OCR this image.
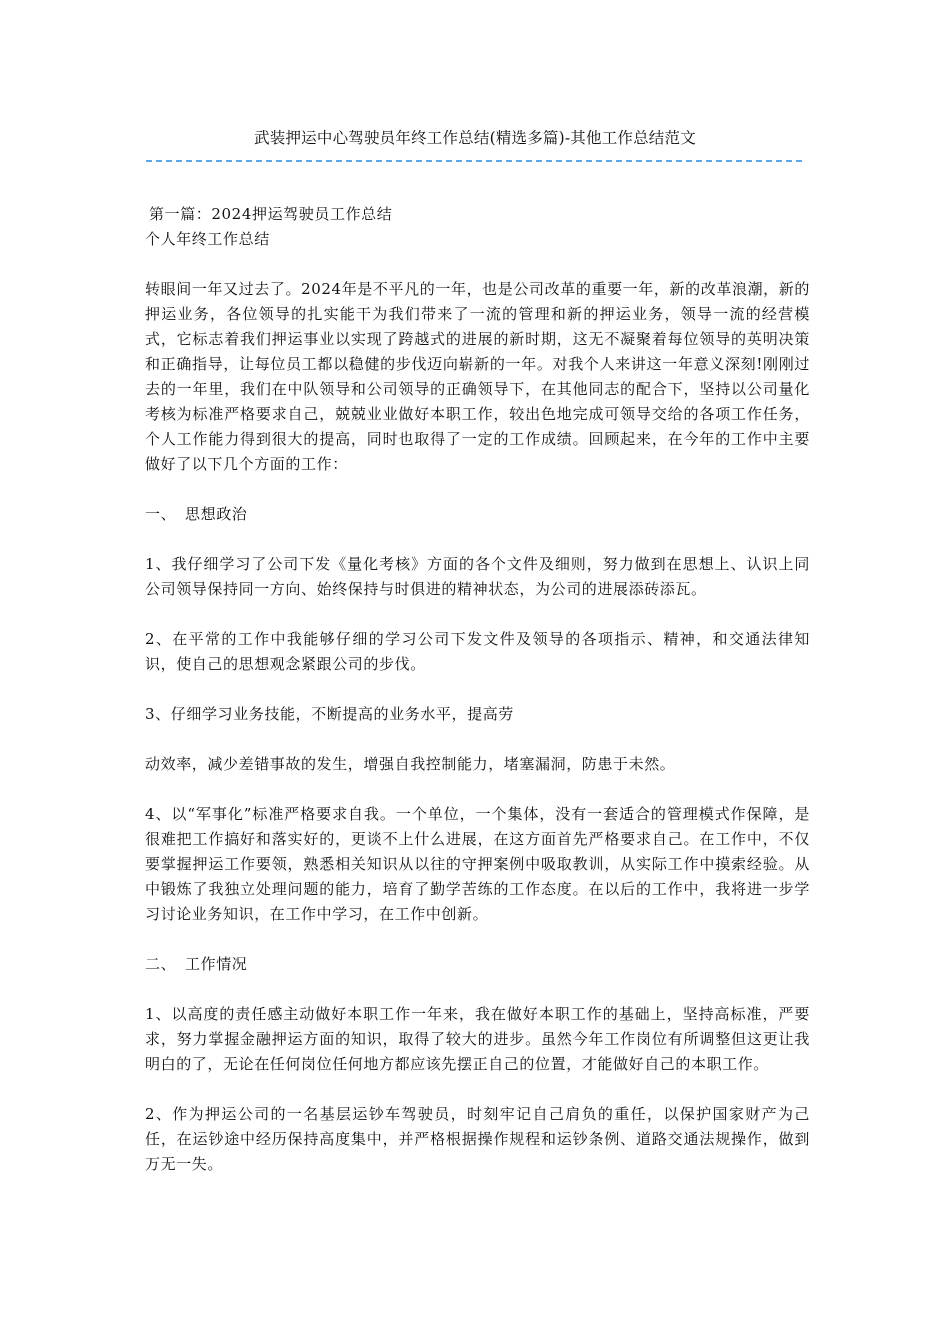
武装押运中心驾驶员年终工作总结(精选多篇)-其他工作总结范文

第一篇：2024押运驾驶员工作总结

个人年终工作总结

转眼间一年又过去了。2024年是不平凡的一年，也是公司改革的重要一年，新的改革浪潮，新的押运业务，各位领导的扎实能干为我们带来了一流的管理和新的押运业务，领导一流的经营模式，它标志着我们押运事业以实现了跨越式的进展的新时期，这无不凝聚着每位领导的英明决策和正确指导，让每位员工都以稳健的步伐迈向崭新的一年。对我个人来讲这一年意义深刻!刚刚过去的一年里，我们在中队领导和公司领导的正确领导下，在其他同志的配合下，坚持以公司量化考核为标准严格要求自己，兢兢业业做好本职工作，较出色地完成可领导交给的各项工作任务，个人工作能力得到很大的提高，同时也取得了一定的工作成绩。回顾起来，在今年的工作中主要做好了以下几个方面的工作：

一、 思想政治

1、我仔细学习了公司下发《量化考核》方面的各个文件及细则，努力做到在思想上、认识上同公司领导保持同一方向、始终保持与时俱进的精神状态，为公司的进展添砖添瓦。

2、在平常的工作中我能够仔细的学习公司下发文件及领导的各项指示、精神，和交通法律知识，使自己的思想观念紧跟公司的步伐。

3、仔细学习业务技能，不断提高的业务水平，提高劳

动效率，减少差错事故的发生，增强自我控制能力，堵塞漏洞，防患于未然。

4、以“军事化”标准严格要求自我。一个单位，一个集体，没有一套适合的管理模式作保障，是很难把工作搞好和落实好的，更谈不上什么进展，在这方面首先严格要求自己。在工作中，不仅要掌握押运工作要领，熟悉相关知识从以往的守押案例中吸取教训，从实际工作中摸索经验。从中锻炼了我独立处理问题的能力，培育了勤学苦练的工作态度。在以后的工作中，我将进一步学习讨论业务知识，在工作中学习，在工作中创新。

二、 工作情况

1、以高度的责任感主动做好本职工作一年来，我在做好本职工作的基础上，坚持高标准，严要求，努力掌握金融押运方面的知识，取得了较大的进步。虽然今年工作岗位有所调整但这更让我明白的了，无论在任何岗位任何地方都应该先摆正自己的位置，才能做好自己的本职工作。

2、作为押运公司的一名基层运钞车驾驶员，时刻牢记自己肩负的重任，以保护国家财产为己任，在运钞途中经历保持高度集中，并严格根据操作规程和运钞条例、道路交通法规操作，做到万无一失。
